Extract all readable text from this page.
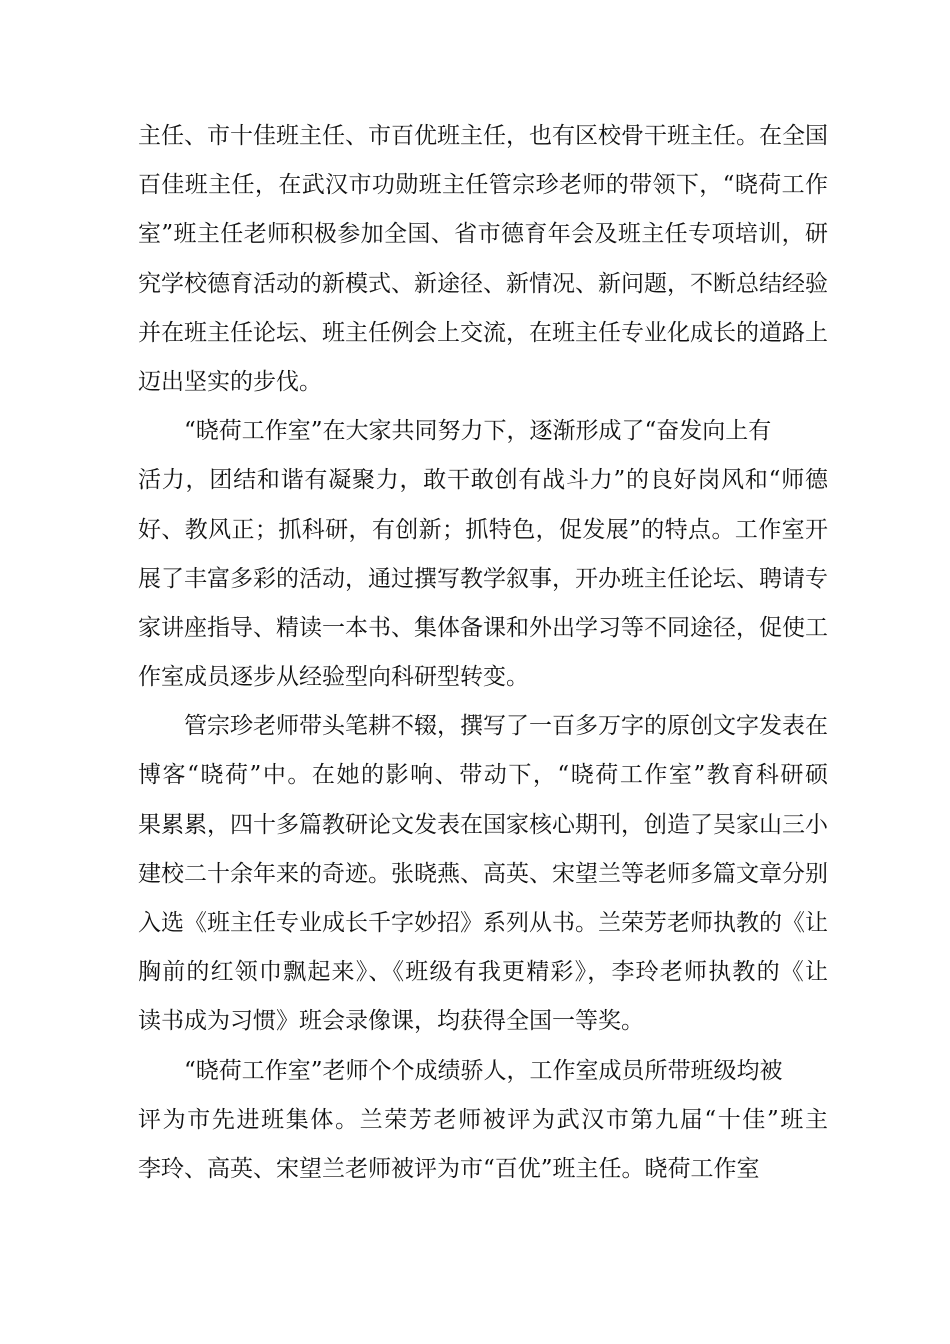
主任、市十佳班主任、市百优班主任，也有区校骨干班主任。在全国
百佳班主任，在武汉市功勋班主任管宗珍老师的带领下，“晓荷工作
室”班主任老师积极参加全国、省市德育年会及班主任专项培训，研
究学校德育活动的新模式、新途径、新情况、新问题，不断总结经验
并在班主任论坛、班主任例会上交流，在班主任专业化成长的道路上
迈出坚实的步伐。
“晓荷工作室”在大家共同努力下，逐渐形成了“奋发向上有
活力，团结和谐有凝聚力，敢干敢创有战斗力”的良好岗风和“师德
好、教风正；抓科研，有创新；抓特色，促发展”的特点。工作室开
展了丰富多彩的活动，通过撰写教学叙事，开办班主任论坛、聘请专
家讲座指导、精读一本书、集体备课和外出学习等不同途径，促使工
作室成员逐步从经验型向科研型转变。
管宗珍老师带头笔耕不辍，撰写了一百多万字的原创文字发表在
博客“晓荷”中。在她的影响、带动下，“晓荷工作室”教育科研硕
果累累，四十多篇教研论文发表在国家核心期刊，创造了吴家山三小
建校二十余年来的奇迹。张晓燕、高英、宋望兰等老师多篇文章分别
入选《班主任专业成长千字妙招》系列从书。兰荣芳老师执教的《让
胸前的红领巾飘起来》、《班级有我更精彩》，李玲老师执教的《让
读书成为习惯》班会录像课，均获得全国一等奖。
“晓荷工作室”老师个个成绩骄人，工作室成员所带班级均被
评为市先进班集体。兰荣芳老师被评为武汉市第九届“十佳”班主
李玲、高英、宋望兰老师被评为市“百优”班主任。晓荷工作室
